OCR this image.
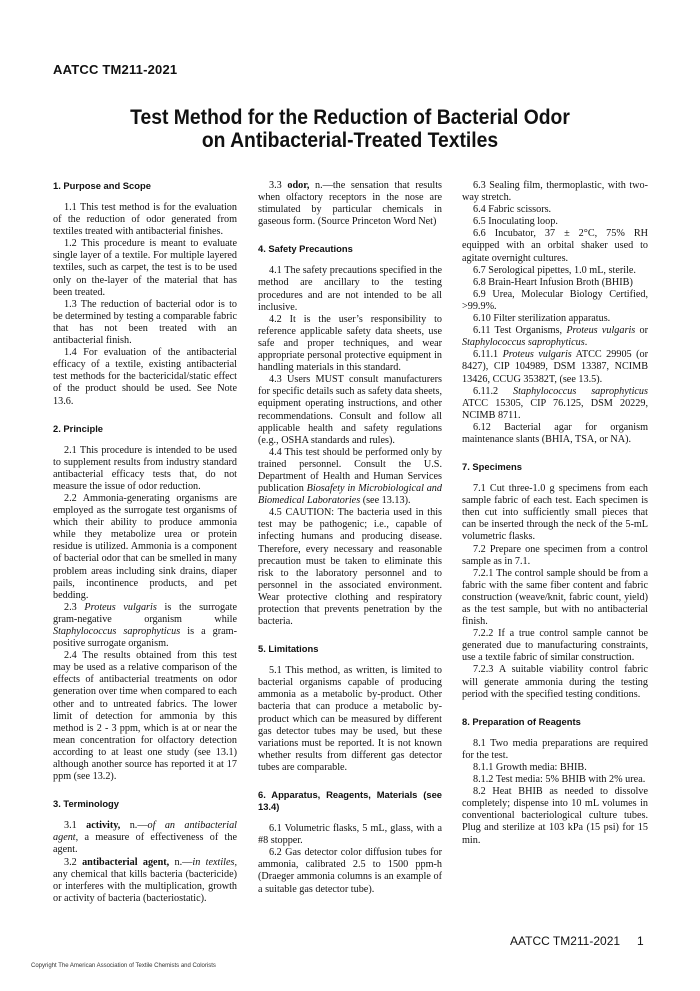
AATCC TM211-2021
Test Method for the Reduction of Bacterial Odor
on Antibacterial-Treated Textiles
1. Purpose and Scope

1.1 This test method is for the evaluation of the reduction of odor generated from textiles treated with antibacterial finishes.

1.2 This procedure is meant to evaluate single layer of a textile. For multiple layered textiles, such as carpet, the test is to be used only on the-layer of the material that has been treated.

1.3 The reduction of bacterial odor is to be determined by testing a comparable fabric that has not been treated with an antibacterial finish.

1.4 For evaluation of the antibacterial efficacy of a textile, existing antibacterial test methods for the bactericidal/static effect of the product should be used. See Note 13.6.

2. Principle

2.1 This procedure is intended to be used to supplement results from industry standard antibacterial efficacy tests that, do not measure the issue of odor reduction.

2.2 Ammonia-generating organisms are employed as the surrogate test organisms of which their ability to produce ammonia while they metabolize urea or protein residue is utilized. Ammonia is a component of bacterial odor that can be smelled in many problem areas including sink drains, diaper pails, incontinence products, and pet bedding.

2.3 Proteus vulgaris is the surrogate gram-negative organism while Staphylococcus saprophyticus is a gram-positive surrogate organism.

2.4 The results obtained from this test may be used as a relative comparison of the effects of antibacterial treatments on odor generation over time when compared to each other and to untreated fabrics. The lower limit of detection for ammonia by this method is 2 - 3 ppm, which is at or near the mean concentration for olfactory detection according to at least one study (see 13.1) although another source has reported it at 17 ppm (see 13.2).

3. Terminology

3.1 activity, n.—of an antibacterial agent, a measure of effectiveness of the agent.

3.2 antibacterial agent, n.—in textiles, any chemical that kills bacteria (bactericide) or interferes with the multiplication, growth or activity of bacteria (bacteriostatic).

3.3 odor, n.—the sensation that results when olfactory receptors in the nose are stimulated by particular chemicals in gaseous form. (Source Princeton Word Net)

4. Safety Precautions

4.1 The safety precautions specified in the method are ancillary to the testing procedures and are not intended to be all inclusive.

4.2 It is the user’s responsibility to reference applicable safety data sheets, use safe and proper techniques, and wear appropriate personal protective equipment in handling materials in this standard.

4.3 Users MUST consult manufacturers for specific details such as safety data sheets, equipment operating instructions, and other recommendations. Consult and follow all applicable health and safety regulations (e.g., OSHA standards and rules).

4.4 This test should be performed only by trained personnel. Consult the U.S. Department of Health and Human Services publication Biosafety in Microbiological and Biomedical Laboratories (see 13.13).

4.5 CAUTION: The bacteria used in this test may be pathogenic; i.e., capable of infecting humans and producing disease. Therefore, every necessary and reasonable precaution must be taken to eliminate this risk to the laboratory personnel and to personnel in the associated environment. Wear protective clothing and respiratory protection that prevents penetration by the bacteria.

5. Limitations

5.1 This method, as written, is limited to bacterial organisms capable of producing ammonia as a metabolic by-product. Other bacteria that can produce a metabolic by-product which can be measured by different gas detector tubes may be used, but these variations must be reported. It is not known whether results from different gas detector tubes are comparable.

6. Apparatus, Reagents, Materials (see 13.4)

6.1 Volumetric flasks, 5 mL, glass, with a #8 stopper.

6.2 Gas detector color diffusion tubes for ammonia, calibrated 2.5 to 1500 ppm-h (Draeger ammonia columns is an example of a suitable gas detector tube).

6.3 Sealing film, thermoplastic, with two-way stretch.

6.4 Fabric scissors.

6.5 Inoculating loop.

6.6 Incubator, 37 ± 2°C, 75% RH equipped with an orbital shaker used to agitate overnight cultures.

6.7 Serological pipettes, 1.0 mL, sterile.

6.8 Brain-Heart Infusion Broth (BHIB)

6.9 Urea, Molecular Biology Certified, >99.9%.

6.10 Filter sterilization apparatus.

6.11 Test Organisms, Proteus vulgaris or Staphylococcus saprophyticus.

6.11.1 Proteus vulgaris ATCC 29905 (or 8427), CIP 104989, DSM 13387, NCIMB 13426, CCUG 35382T, (see 13.5).

6.11.2 Staphylococcus saprophyticus ATCC 15305, CIP 76.125, DSM 20229, NCIMB 8711.

6.12 Bacterial agar for organism maintenance slants (BHIA, TSA, or NA).

7. Specimens

7.1 Cut three-1.0 g specimens from each sample fabric of each test. Each specimen is then cut into sufficiently small pieces that can be inserted through the neck of the 5-mL volumetric flasks.

7.2 Prepare one specimen from a control sample as in 7.1.

7.2.1 The control sample should be from a fabric with the same fiber content and fabric construction (weave/knit, fabric count, yield) as the test sample, but with no antibacterial finish.

7.2.2 If a true control sample cannot be generated due to manufacturing constraints, use a textile fabric of similar construction.

7.2.3 A suitable viability control fabric will generate ammonia during the testing period with the specified testing conditions.

8. Preparation of Reagents

8.1 Two media preparations are required for the test.

8.1.1 Growth media: BHIB.

8.1.2 Test media: 5% BHIB with 2% urea.

8.2 Heat BHIB as needed to dissolve completely; dispense into 10 mL volumes in conventional bacteriological culture tubes. Plug and sterilize at 103 kPa (15 psi) for 15 min.

AATCC TM211-2021 1
Copyright The American Association of Textile Chemists and Colorists
